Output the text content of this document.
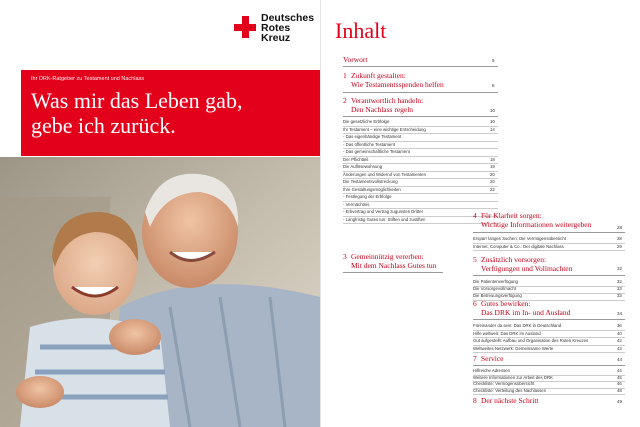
Deutsches
Rotes
Kreuz
Ihr DRK-Ratgeber zu Testament und Nachlass
Was mir das Leben gab,
gebe ich zurück.
Inhalt
Vorwort	5
1 Zukunft gestalten:
Wie Testamentsspenden helfen	6
2 Verantwortlich handeln:
Den Nachlass regeln	10
Die gesetzliche Erbfolge	10
Ihr Testament – eine wichtige Entscheidung	14
- Das eigenhändige Testament
- Das öffentliche Testament
- Das gemeinschaftliche Testament
Der Pflichtteil	18
Die Auflösewohnung	19
Änderungen und Widerruf von Testamenten	20
Die Testamentsvollstreckung	20
Ihre Gestaltungsmöglichkeiten	22
- Festlegung der Erbfolge
- Vermächtnis
- Erbvertrag und Vertrag zugunsten Dritter
- Langfristig Gutes tun: Stiften und zustiften
3 Gemeinnützig vererben:
Mit dem Nachlass Gutes tun
4 Für Klarheit sorgen:
Wichtige Informationen weitergeben	28
Ersparr langes Suchen: Die Vermögensübersicht	28
Internet, Computer & Co.: Der digitale Nachlass	29
5 Zusätzlich vorsorgen:
Verfügungen und Vollmachten	32
Die Patientenverfügung	32
Die Vorsorgevollmacht	33
Die Betreuungsverfügung	33
6 Gutes bewirken:
Das DRK im In- und Ausland	34
Füreinander da sein: Das DRK in Deutschland	36
Hilfe weltweit: Das DRK im Ausland	40
Gut aufgestellt: Aufbau und Organisation des Roten Kreuzes	42
Weltweites Netzwerk: Gemeinsame Werte	43
7 Service	44
Hilfreiche Adressen	44
Weitere Informationen zur Arbeit des DRK	45
Checkliste: Vermögensübersicht	46
Checkliste: Verteilung des Nachlasses	48
8 Der nächste Schritt	49
